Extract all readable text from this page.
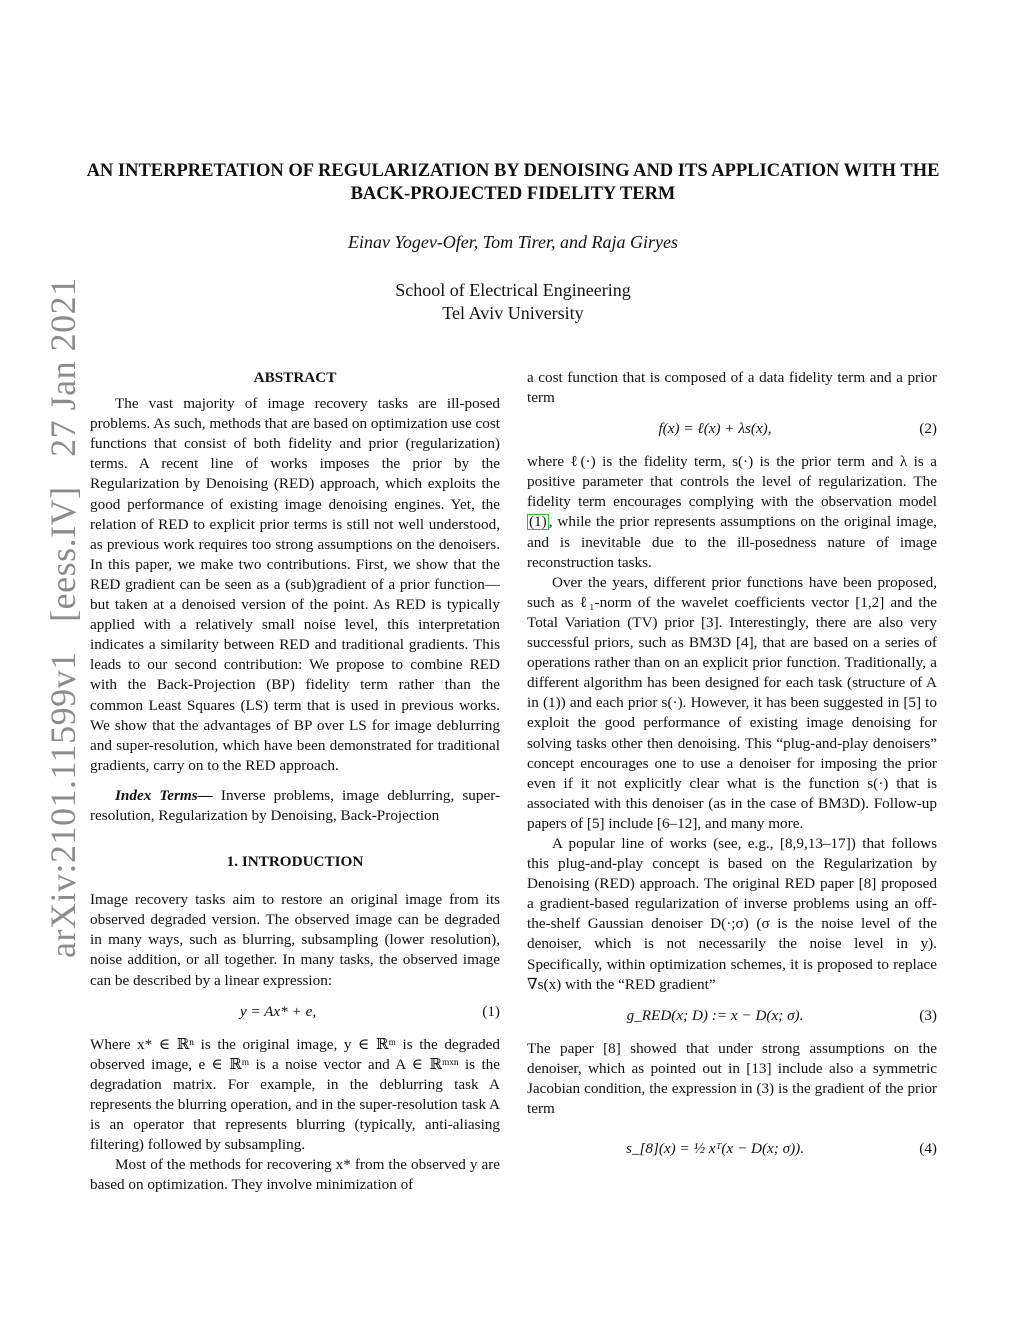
arXiv:2101.11599v1 [eess.IV] 27 Jan 2021
AN INTERPRETATION OF REGULARIZATION BY DENOISING AND ITS APPLICATION WITH THE BACK-PROJECTED FIDELITY TERM
Einav Yogev-Ofer, Tom Tirer, and Raja Giryes
School of Electrical Engineering
Tel Aviv University
ABSTRACT

The vast majority of image recovery tasks are ill-posed problems. As such, methods that are based on optimization use cost functions that consist of both fidelity and prior (regularization) terms. A recent line of works imposes the prior by the Regularization by Denoising (RED) approach, which exploits the good performance of existing image denoising engines. Yet, the relation of RED to explicit prior terms is still not well understood, as previous work requires too strong assumptions on the denoisers. In this paper, we make two contributions. First, we show that the RED gradient can be seen as a (sub)gradient of a prior function—but taken at a denoised version of the point. As RED is typically applied with a relatively small noise level, this interpretation indicates a similarity between RED and traditional gradients. This leads to our second contribution: We propose to combine RED with the Back-Projection (BP) fidelity term rather than the common Least Squares (LS) term that is used in previous works. We show that the advantages of BP over LS for image deblurring and super-resolution, which have been demonstrated for traditional gradients, carry on to the RED approach.

Index Terms— Inverse problems, image deblurring, super-resolution, Regularization by Denoising, Back-Projection

1. INTRODUCTION

Image recovery tasks aim to restore an original image from its observed degraded version. The observed image can be degraded in many ways, such as blurring, subsampling (lower resolution), noise addition, or all together. In many tasks, the observed image can be described by a linear expression:

y = Ax* + e,	(1)

Where x* ∈ ℝⁿ is the original image, y ∈ ℝᵐ is the degraded observed image, e ∈ ℝᵐ is a noise vector and A ∈ ℝᵐˣⁿ is the degradation matrix. For example, in the deblurring task A represents the blurring operation, and in the super-resolution task A is an operator that represents blurring (typically, anti-aliasing filtering) followed by subsampling.

Most of the methods for recovering x* from the observed y are based on optimization. They involve minimization of

a cost function that is composed of a data fidelity term and a prior term

f(x) = ℓ(x) + λs(x),	(2)

where ℓ(·) is the fidelity term, s(·) is the prior term and λ is a positive parameter that controls the level of regularization. The fidelity term encourages complying with the observation model (1) , while the prior represents assumptions on the original image, and is inevitable due to the ill-posedness nature of image reconstruction tasks.

Over the years, different prior functions have been proposed, such as ℓ₁-norm of the wavelet coefficients vector [1,2] and the Total Variation (TV) prior [3]. Interestingly, there are also very successful priors, such as BM3D [4], that are based on a series of operations rather than on an explicit prior function. Traditionally, a different algorithm has been designed for each task (structure of A in (1)) and each prior s(·). However, it has been suggested in [5] to exploit the good performance of existing image denoising for solving tasks other then denoising. This “plug-and-play denoisers” concept encourages one to use a denoiser for imposing the prior even if it not explicitly clear what is the function s(·) that is associated with this denoiser (as in the case of BM3D). Follow-up papers of [5] include [6–12], and many more.

A popular line of works (see, e.g., [8,9,13–17]) that follows this plug-and-play concept is based on the Regularization by Denoising (RED) approach. The original RED paper [8] proposed a gradient-based regularization of inverse problems using an off-the-shelf Gaussian denoiser D(·;σ) (σ is the noise level of the denoiser, which is not necessarily the noise level in y). Specifically, within optimization schemes, it is proposed to replace ∇s(x) with the “RED gradient”

g_RED(x; D) := x − D(x; σ).	(3)

The paper [8] showed that under strong assumptions on the denoiser, which as pointed out in [13] include also a symmetric Jacobian condition, the expression in (3) is the gradient of the prior term

s_[8](x) = ½ xᵀ(x − D(x; σ)).	(4)
